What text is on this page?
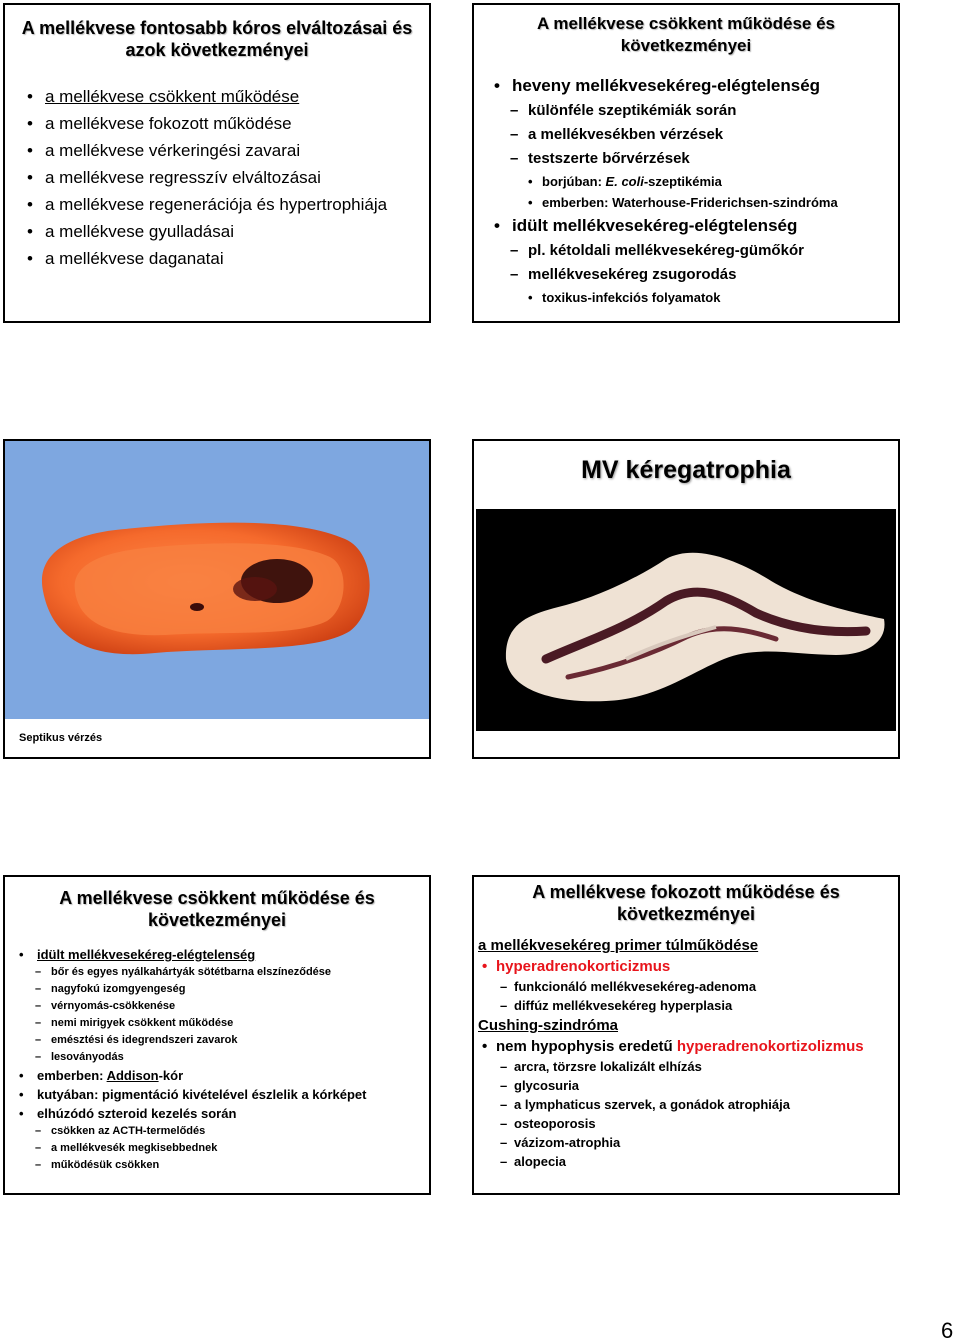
A mellékvese fontosabb kóros elváltozásai és azok következményei
• a mellékvese csökkent működése
• a mellékvese fokozott működése
• a mellékvese vérkeringési zavarai
• a mellékvese regresszív elváltozásai
• a mellékvese regenerációja és hypertrophiája
• a mellékvese gyulladásai
• a mellékvese daganatai
A mellékvese csökkent működése és következményei
• heveny mellékvesekéreg-elégtelenség
– különféle szeptikémiák során
– a mellékvesékben vérzések
– testszerte bőrvérzések
• borjúban: E. coli-szeptikémia
• emberben: Waterhouse-Friderichsen-szindróma
• idült mellékvesekéreg-elégtelenség
– pl. kétoldali mellékvesekéreg-gümőkór
– mellékvesekéreg zsugorodás
• toxikus-infekciós folyamatok
Septikus vérzés
MV kéregatrophia
A mellékvese csökkent működése és következményei
• idült mellékvesekéreg-elégtelenség
– bőr és egyes nyálkahártyák sötétbarna elszíneződése
– nagyfokú izomgyengeség
– vérnyomás-csökkenése
– nemi mirigyek csökkent működése
– emésztési és idegrendszeri zavarok
– lesoványodás
• emberben: Addison-kór
• kutyában: pigmentáció kivételével észlelik a kórképet
• elhúzódó szteroid kezelés során
– csökken az ACTH-termelődés
– a mellékvesék megkisebbednek
– működésük csökken
A mellékvese fokozott működése és következményei
a mellékvesekéreg primer túlműködése
• hyperadrenokorticizmus
– funkcionáló mellékvesekéreg-adenoma
– diffúz mellékvesekéreg hyperplasia
Cushing-szindróma
• nem hypophysis eredetű hyperadrenokortizolizmus
– arcra, törzsre lokalizált elhízás
– glycosuria
– a lymphaticus szervek, a gonádok atrophiája
– osteoporosis
– vázizom-atrophia
– alopecia
6
